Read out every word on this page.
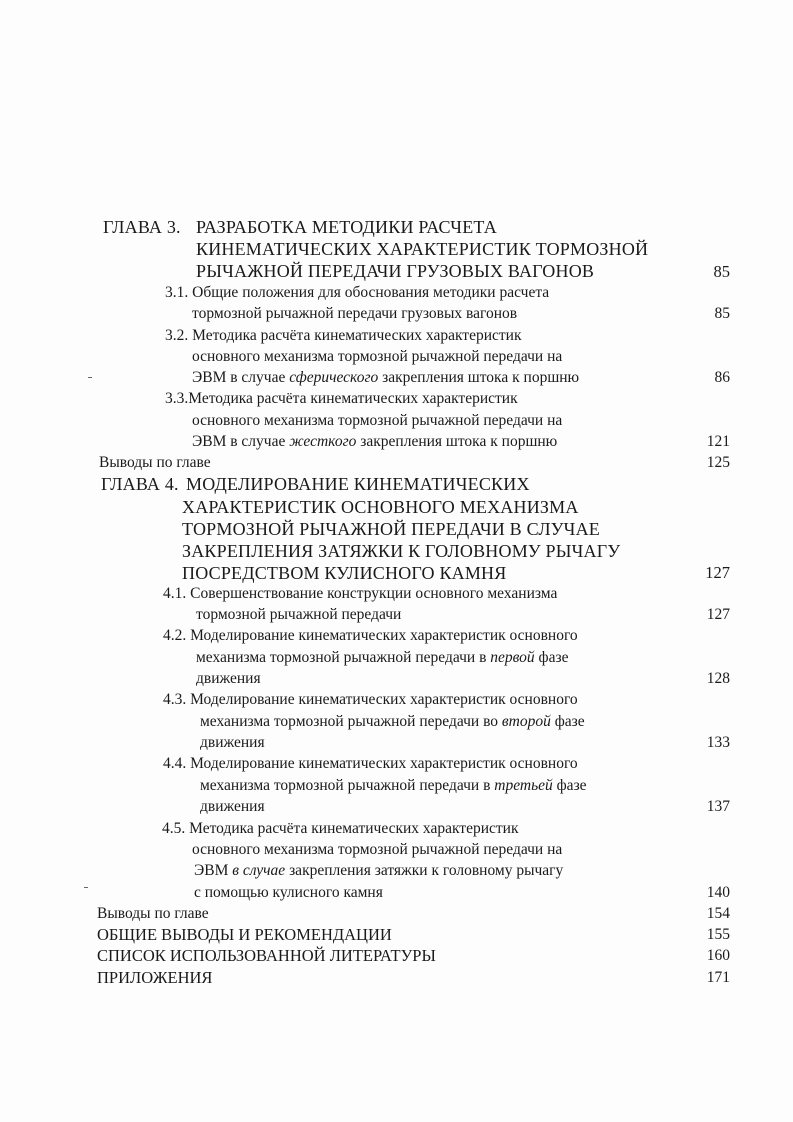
ГЛАВА 3. РАЗРАБОТКА МЕТОДИКИ РАСЧЕТА
КИНЕМАТИЧЕСКИХ ХАРАКТЕРИСТИК ТОРМОЗНОЙ
РЫЧАЖНОЙ ПЕРЕДАЧИ ГРУЗОВЫХ ВАГОНОВ	85
3.1. Общие положения для обоснования методики расчета
тормозной рычажной передачи грузовых вагонов	85
3.2. Методика расчёта кинематических характеристик
основного механизма тормозной рычажной передачи на
ЭВМ в случае сферического закрепления штока к поршню	86
3.3.Методика расчёта кинематических характеристик
основного механизма тормозной рычажной передачи на
ЭВМ в случае жесткого закрепления штока к поршню	121
Выводы по главе	125
ГЛАВА 4. МОДЕЛИРОВАНИЕ КИНЕМАТИЧЕСКИХ
ХАРАКТЕРИСТИК ОСНОВНОГО МЕХАНИЗМА
ТОРМОЗНОЙ РЫЧАЖНОЙ ПЕРЕДАЧИ В СЛУЧАЕ
ЗАКРЕПЛЕНИЯ ЗАТЯЖКИ К ГОЛОВНОМУ РЫЧАГУ
ПОСРЕДСТВОМ КУЛИСНОГО КАМНЯ	127
4.1. Совершенствование конструкции основного механизма
тормозной рычажной передачи	127
4.2. Моделирование кинематических характеристик основного
механизма тормозной рычажной передачи в первой фазе
движения	128
4.3. Моделирование кинематических характеристик основного
механизма тормозной рычажной передачи во второй фазе
движения	133
4.4. Моделирование кинематических характеристик основного
механизма тормозной рычажной передачи в третьей фазе
движения	137
4.5. Методика расчёта кинематических характеристик
основного механизма тормозной рычажной передачи на
ЭВМ в случае закрепления затяжки к головному рычагу
с помощью кулисного камня	140
Выводы по главе	154
ОБЩИЕ ВЫВОДЫ И РЕКОМЕНДАЦИИ	155
СПИСОК ИСПОЛЬЗОВАННОЙ ЛИТЕРАТУРЫ	160
ПРИЛОЖЕНИЯ	171
